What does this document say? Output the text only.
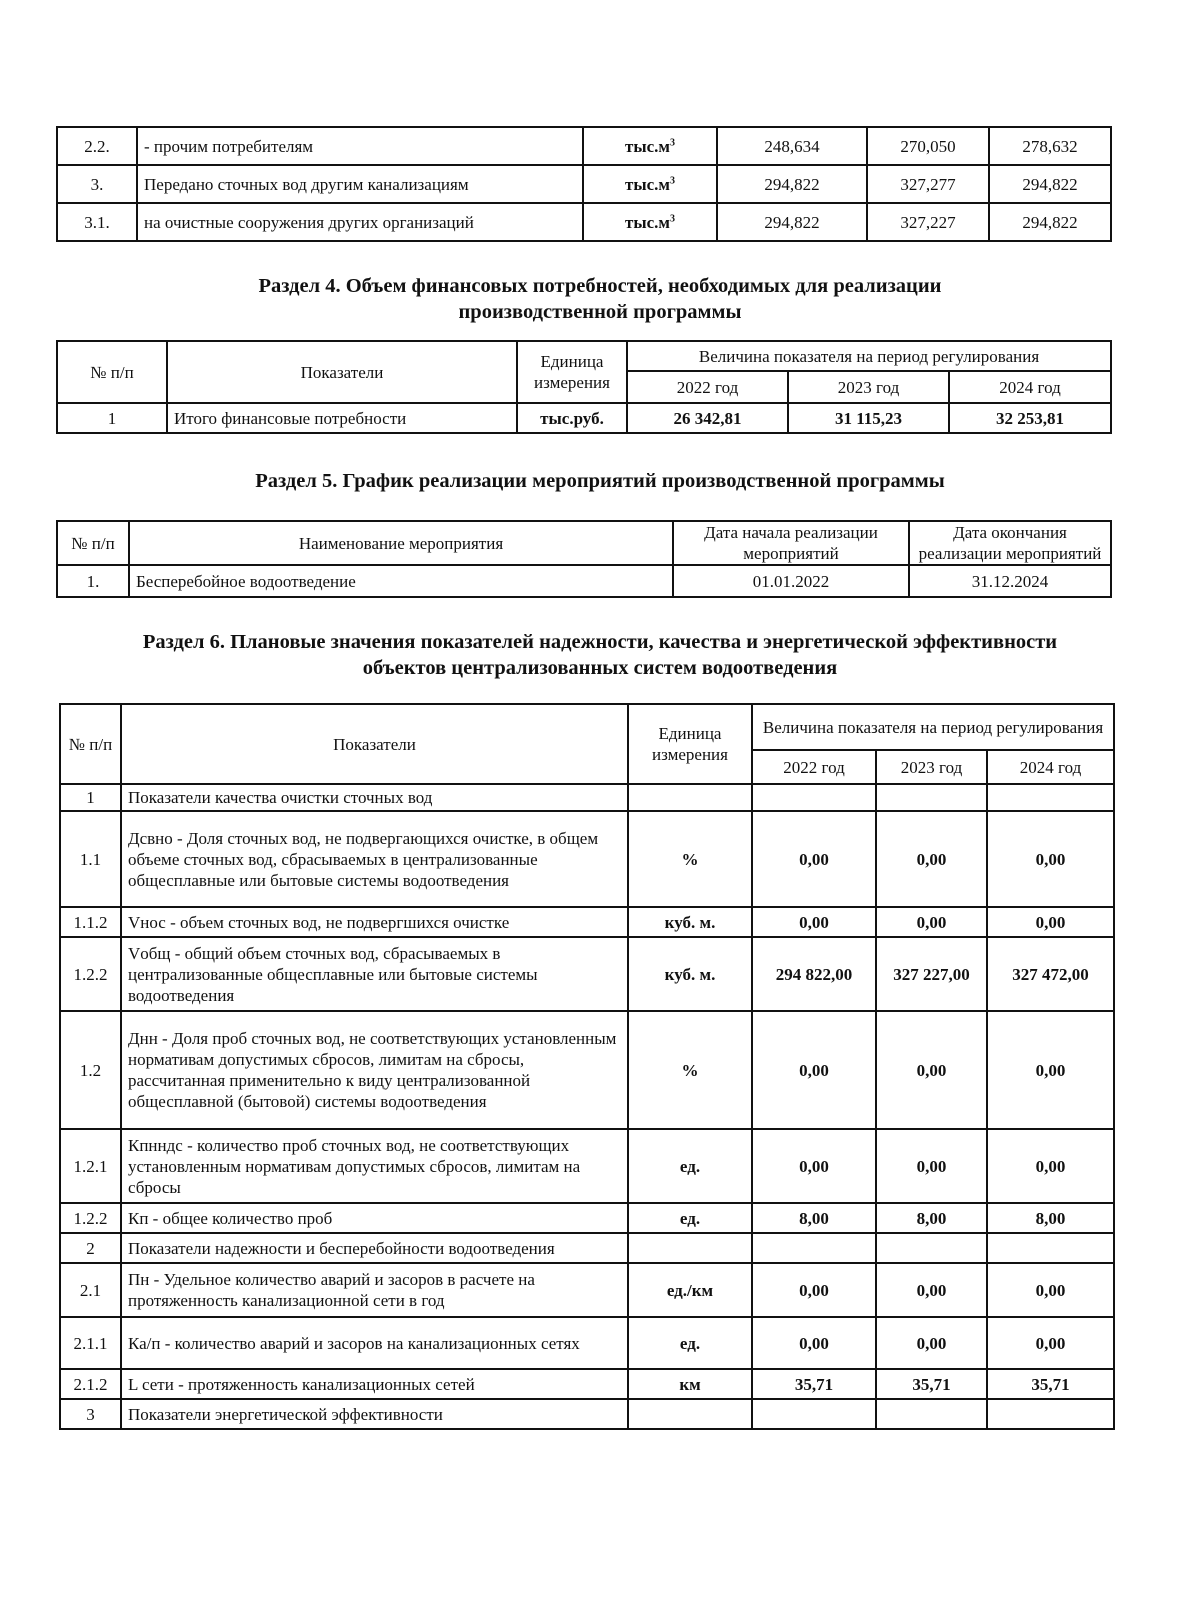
2.2.	- прочим потребителям	$тыс.м^3$	248,634	270,050	278,632
3.	Передано сточных вод другим канализациям	$тыс.м^3$	294,822	327,277	294,822
3.1.	на очистные сооружения других организаций	$тыс.м^3$	294,822	327,227	294,822
Раздел 4. Объем финансовых потребностей, необходимых для реализации
производственной программы
№ п/п	Показатели	Единица измерения	Величина показателя на период регулирования		
			2022 год	2023 год	2024 год
1	Итого финансовые потребности	тыс.руб.	26 342,81	31 115,23	32 253,81
Раздел 5. График реализации мероприятий производственной программы
№ п/п	Наименование мероприятия	Дата начала реализации мероприятий	Дата окончания реализации мероприятий
1.	Бесперебойное водоотведение	01.01.2022	31.12.2024
Раздел 6. Плановые значения показателей надежности, качества и энергетической эффективности
объектов централизованных систем водоотведения
№ п/п	Показатели	Единица измерения	Величина показателя на период регулирования		
			2022 год	2023 год	2024 год
1	Показатели качества очистки сточных вод				
1.1	Дсвно - Доля сточных вод, не подвергающихся очистке, в общем объеме сточных вод, сбрасываемых в централизованные общесплавные или бытовые системы водоотведения	%	0,00	0,00	0,00
1.1.2	Vнос - объем сточных вод, не подвергшихся очистке	куб. м.	0,00	0,00	0,00
1.2.2	Vобщ - общий объем сточных вод, сбрасываемых в централизованные общесплавные или бытовые системы водоотведения	куб. м.	294 822,00	327 227,00	327 472,00
1.2	Днн - Доля проб сточных вод, не соответствующих установленным нормативам допустимых сбросов, лимитам на сбросы, рассчитанная применительно к виду централизованной общесплавной (бытовой) системы водоотведения	%	0,00	0,00	0,00
1.2.1	Кпнндс - количество проб сточных вод, не соответствующих установленным нормативам допустимых сбросов, лимитам на сбросы	ед.	0,00	0,00	0,00
1.2.2	Кп - общее количество проб	ед.	8,00	8,00	8,00
2	Показатели надежности и бесперебойности водоотведения				
2.1	Пн - Удельное количество аварий и засоров в расчете на протяженность канализационной сети в год	ед./км	0,00	0,00	0,00
2.1.1	Ка/п - количество аварий и засоров на канализационных сетях	ед.	0,00	0,00	0,00
2.1.2	L сети - протяженность канализационных сетей	км	35,71	35,71	35,71
3	Показатели энергетической эффективности				
